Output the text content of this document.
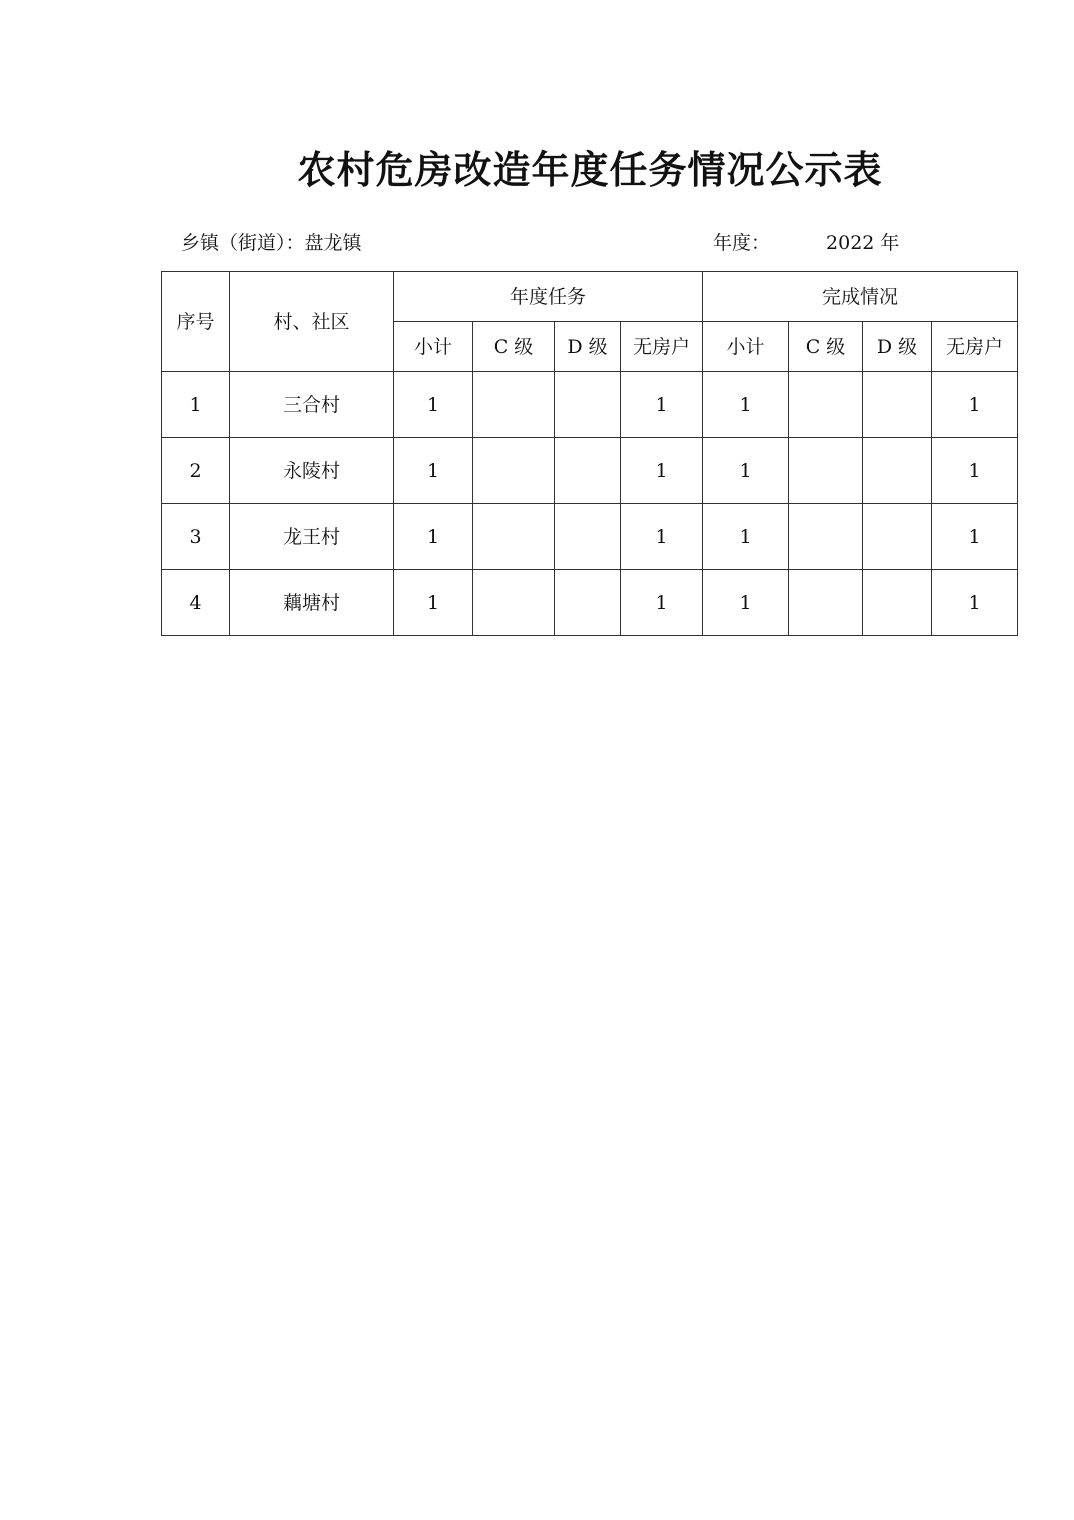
农村危房改造年度任务情况公示表
乡镇（街道）：盘龙镇	年度：	2022 年
序号	村、社区	年度任务				完成情况			
		小计	C 级	D 级	无房户	小计	C 级	D 级	无房户
1	三合村	1			1	1			1
2	永陵村	1			1	1			1
3	龙王村	1			1	1			1
4	藕塘村	1			1	1			1
